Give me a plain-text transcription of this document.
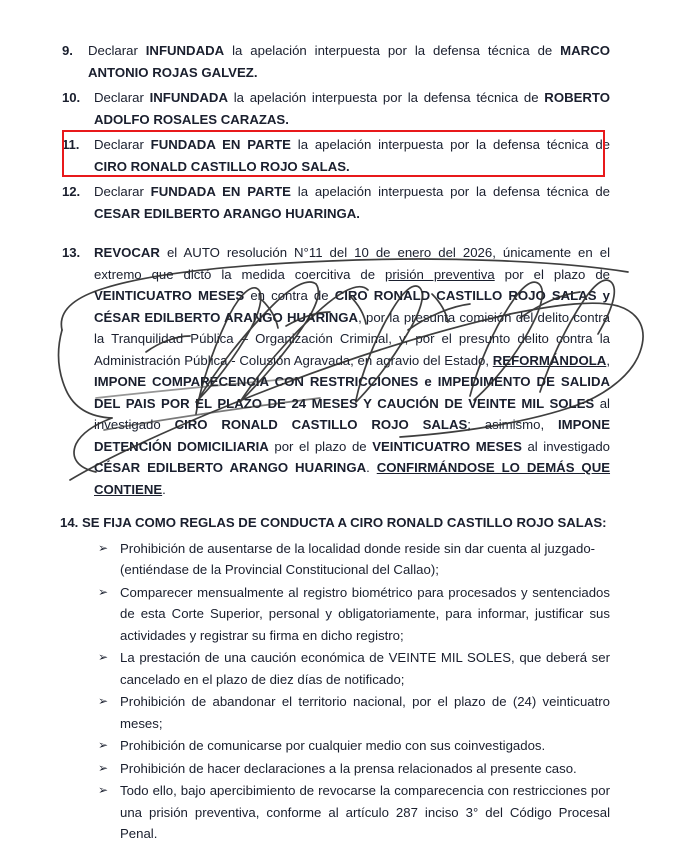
9.	Declarar INFUNDADA la apelación interpuesta por la defensa técnica de MARCO ANTONIO ROJAS GALVEZ.
10.	Declarar INFUNDADA la apelación interpuesta por la defensa técnica de ROBERTO ADOLFO ROSALES CARAZAS.
11.	Declarar FUNDADA EN PARTE la apelación interpuesta por la defensa técnica de CIRO RONALD CASTILLO ROJO SALAS.
12.	Declarar FUNDADA EN PARTE la apelación interpuesta por la defensa técnica de CESAR EDILBERTO ARANGO HUARINGA.
13.	REVOCAR el AUTO resolución N°11 del 10 de enero del 2026, únicamente en el extremo que dictó la medida coercitiva de prisión preventiva por el plazo de VEINTICUATRO MESES en contra de CIRO RONALD CASTILLO ROJO SALAS y CÉSAR EDILBERTO ARANGO HUARINGA, por la presunta comisión del delito contra la Tranquilidad Pública – Organización Criminal, y, por el presunto delito contra la Administración Pública - Colusión Agravada, en agravio del Estado, REFORMÁNDOLA, IMPONE COMPARECENCIA CON RESTRICCIONES e IMPEDIMENTO DE SALIDA DEL PAIS POR EL PLAZO DE 24 MESES Y CAUCIÓN DE VEINTE MIL SOLES al investigado CIRO RONALD CASTILLO ROJO SALAS; asimismo, IMPONE DETENCIÓN DOMICILIARIA por el plazo de VEINTICUATRO MESES al investigado CÉSAR EDILBERTO ARANGO HUARINGA. CONFIRMÁNDOSE LO DEMÁS QUE CONTIENE.
14. SE FIJA COMO REGLAS DE CONDUCTA A CIRO RONALD CASTILLO ROJO SALAS:
➢ Prohibición de ausentarse de la localidad donde reside sin dar cuenta al juzgado-(entiéndase de la Provincial Constitucional del Callao);
➢ Comparecer mensualmente al registro biométrico para procesados y sentenciados de esta Corte Superior, personal y obligatoriamente, para informar, justificar sus actividades y registrar su firma en dicho registro;
➢ La prestación de una caución económica de VEINTE MIL SOLES, que deberá ser cancelado en el plazo de diez días de notificado;
➢ Prohibición de abandonar el territorio nacional, por el plazo de (24) veinticuatro meses;
➢ Prohibición de comunicarse por cualquier medio con sus coinvestigados.
➢ Prohibición de hacer declaraciones a la prensa relacionados al presente caso.
➢ Todo ello, bajo apercibimiento de revocarse la comparecencia con restricciones por una prisión preventiva, conforme al artículo 287 inciso 3° del Código Procesal Penal.
